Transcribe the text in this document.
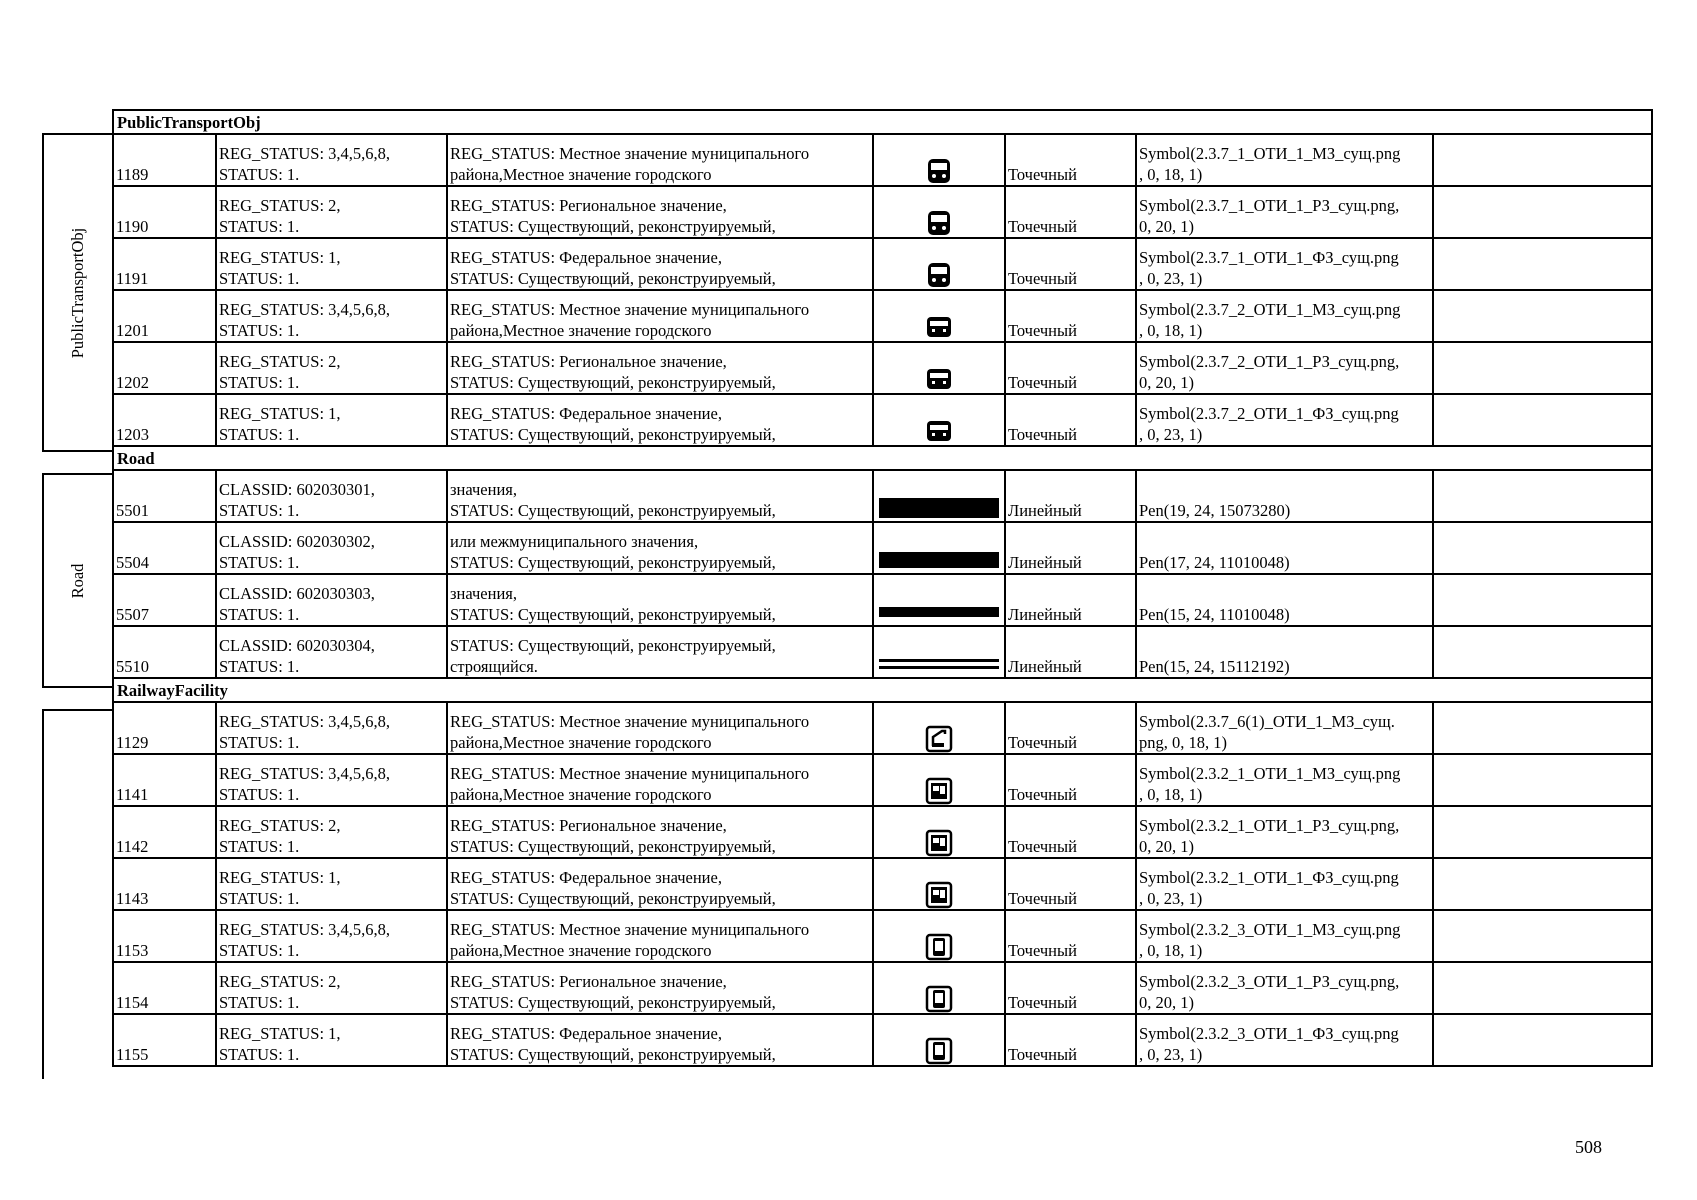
PublicTransportObj
Road
PublicTransportObj						
1189	REG_STATUS: 3,4,5,6,8,
STATUS: 1.	REG_STATUS: Местное значение муниципального
района,Местное значение городского		Точечный	Symbol(2.3.7_1_ОТИ_1_МЗ_сущ.png
, 0, 18, 1)	

1190	REG_STATUS: 2,
STATUS: 1.	REG_STATUS: Региональное значение,
STATUS: Существующий, реконструируемый,		Точечный	Symbol(2.3.7_1_ОТИ_1_РЗ_сущ.png,
0, 20, 1)	

1191	REG_STATUS: 1,
STATUS: 1.	REG_STATUS: Федеральное значение,
STATUS: Существующий, реконструируемый,		Точечный	Symbol(2.3.7_1_ОТИ_1_ФЗ_сущ.png
, 0, 23, 1)	

1201	REG_STATUS: 3,4,5,6,8,
STATUS: 1.	REG_STATUS: Местное значение муниципального
района,Местное значение городского		Точечный	Symbol(2.3.7_2_ОТИ_1_МЗ_сущ.png
, 0, 18, 1)	

1202	REG_STATUS: 2,
STATUS: 1.	REG_STATUS: Региональное значение,
STATUS: Существующий, реконструируемый,		Точечный	Symbol(2.3.7_2_ОТИ_1_РЗ_сущ.png,
0, 20, 1)	

1203	REG_STATUS: 1,
STATUS: 1.	REG_STATUS: Федеральное значение,
STATUS: Существующий, реконструируемый,		Точечный	Symbol(2.3.7_2_ОТИ_1_ФЗ_сущ.png
, 0, 23, 1)	

Road						
5501	CLASSID: 602030301,
STATUS: 1.	значения,
STATUS: Существующий, реконструируемый,		Линейный	Pen(19, 24, 15073280)	

5504	CLASSID: 602030302,
STATUS: 1.	или межмуниципального значения,
STATUS: Существующий, реконструируемый,		Линейный	Pen(17, 24, 11010048)	

5507	CLASSID: 602030303,
STATUS: 1.	значения,
STATUS: Существующий, реконструируемый,		Линейный	Pen(15, 24, 11010048)	

5510	CLASSID: 602030304,
STATUS: 1.	STATUS: Существующий, реконструируемый,
строящийся.		Линейный	Pen(15, 24, 15112192)	

RailwayFacility						
1129	REG_STATUS: 3,4,5,6,8,
STATUS: 1.	REG_STATUS: Местное значение муниципального
района,Местное значение городского		Точечный	Symbol(2.3.7_6(1)_ОТИ_1_МЗ_сущ.
png, 0, 18, 1)	

1141	REG_STATUS: 3,4,5,6,8,
STATUS: 1.	REG_STATUS: Местное значение муниципального
района,Местное значение городского		Точечный	Symbol(2.3.2_1_ОТИ_1_МЗ_сущ.png
, 0, 18, 1)	

1142	REG_STATUS: 2,
STATUS: 1.	REG_STATUS: Региональное значение,
STATUS: Существующий, реконструируемый,		Точечный	Symbol(2.3.2_1_ОТИ_1_РЗ_сущ.png,
0, 20, 1)	

1143	REG_STATUS: 1,
STATUS: 1.	REG_STATUS: Федеральное значение,
STATUS: Существующий, реконструируемый,		Точечный	Symbol(2.3.2_1_ОТИ_1_ФЗ_сущ.png
, 0, 23, 1)	

1153	REG_STATUS: 3,4,5,6,8,
STATUS: 1.	REG_STATUS: Местное значение муниципального
района,Местное значение городского		Точечный	Symbol(2.3.2_3_ОТИ_1_МЗ_сущ.png
, 0, 18, 1)	

1154	REG_STATUS: 2,
STATUS: 1.	REG_STATUS: Региональное значение,
STATUS: Существующий, реконструируемый,		Точечный	Symbol(2.3.2_3_ОТИ_1_РЗ_сущ.png,
0, 20, 1)	

1155	REG_STATUS: 1,
STATUS: 1.	REG_STATUS: Федеральное значение,
STATUS: Существующий, реконструируемый,		Точечный	Symbol(2.3.2_3_ОТИ_1_ФЗ_сущ.png
, 0, 23, 1)	

508
